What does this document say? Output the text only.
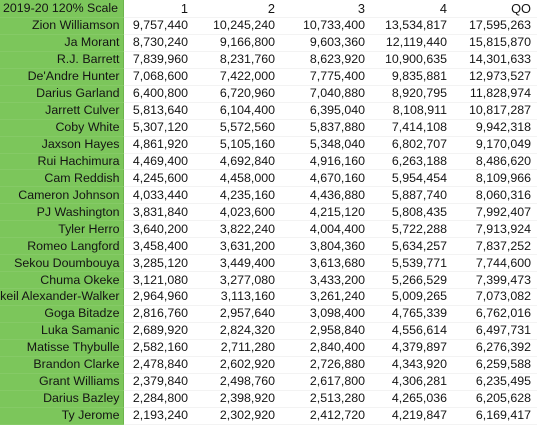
2019-20 120% Scale	1	2	3	4	QO
Zion Williamson	9,757,440	10,245,240	10,733,400	13,534,817	17,595,263
Ja Morant	8,730,240	9,166,800	9,603,360	12,119,440	15,815,870
R.J. Barrett	7,839,960	8,231,760	8,623,920	10,900,635	14,301,633
De'Andre Hunter	7,068,600	7,422,000	7,775,400	9,835,881	12,973,527
Darius Garland	6,400,800	6,720,960	7,040,880	8,920,795	11,828,974
Jarrett Culver	5,813,640	6,104,400	6,395,040	8,108,911	10,817,287
Coby White	5,307,120	5,572,560	5,837,880	7,414,108	9,942,318
Jaxson Hayes	4,861,920	5,105,160	5,348,040	6,802,707	9,170,049
Rui Hachimura	4,469,400	4,692,840	4,916,160	6,263,188	8,486,620
Cam Reddish	4,245,600	4,458,000	4,670,160	5,954,454	8,109,966
Cameron Johnson	4,033,440	4,235,160	4,436,880	5,887,740	8,060,316
PJ Washington	3,831,840	4,023,600	4,215,120	5,808,435	7,992,407
Tyler Herro	3,640,200	3,822,240	4,004,400	5,722,288	7,913,924
Romeo Langford	3,458,400	3,631,200	3,804,360	5,634,257	7,837,252
Sekou Doumbouya	3,285,120	3,449,400	3,613,680	5,539,771	7,744,600
Chuma Okeke	3,121,080	3,277,080	3,433,200	5,266,529	7,399,473
keil Alexander-Walker	2,964,960	3,113,160	3,261,240	5,009,265	7,073,082
Goga Bitadze	2,816,760	2,957,640	3,098,400	4,765,339	6,762,016
Luka Samanic	2,689,920	2,824,320	2,958,840	4,556,614	6,497,731
Matisse Thybulle	2,582,160	2,711,280	2,840,400	4,379,897	6,276,392
Brandon Clarke	2,478,840	2,602,920	2,726,880	4,343,920	6,259,588
Grant Williams	2,379,840	2,498,760	2,617,800	4,306,281	6,235,495
Darius Bazley	2,284,800	2,398,920	2,513,280	4,265,036	6,205,628
Ty Jerome	2,193,240	2,302,920	2,412,720	4,219,847	6,169,417
